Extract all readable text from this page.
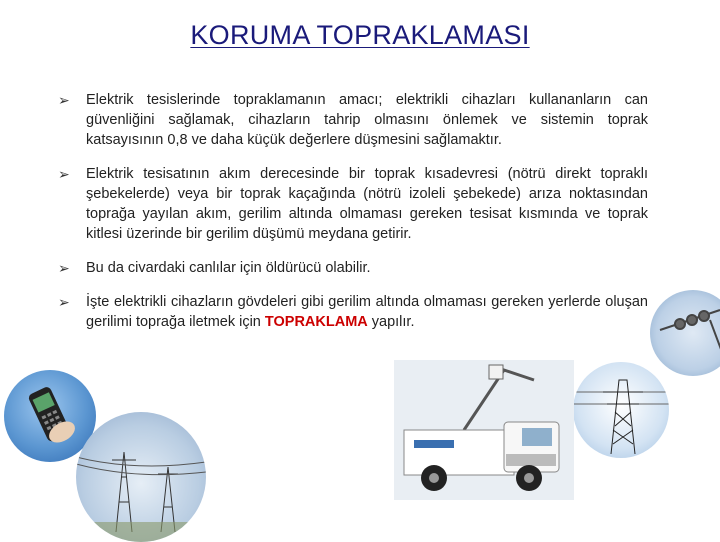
KORUMA TOPRAKLAMASI
➢ Elektrik tesislerinde topraklamanın amacı; elektrikli cihazları kullananların can güvenliğini sağlamak, cihazların tahrip olmasını önlemek ve sistemin toprak katsayısının 0,8 ve daha küçük değerlere düşmesini sağlamaktır.
➢ Elektrik tesisatının akım derecesinde bir toprak kısadevresi (nötrü direkt topraklı şebekelerde) veya bir toprak kaçağında (nötrü izoleli şebekede) arıza noktasından toprağa yayılan akım, gerilim altında olmaması gereken tesisat kısmında ve toprak kitlesi üzerinde bir gerilim düşümü meydana getirir.
➢ Bu da civardaki canlılar için öldürücü olabilir.
➢ İşte elektrikli cihazların gövdeleri gibi gerilim altında olmaması gereken yerlerde oluşan gerilimi toprağa iletmek için TOPRAKLAMA yapılır.
